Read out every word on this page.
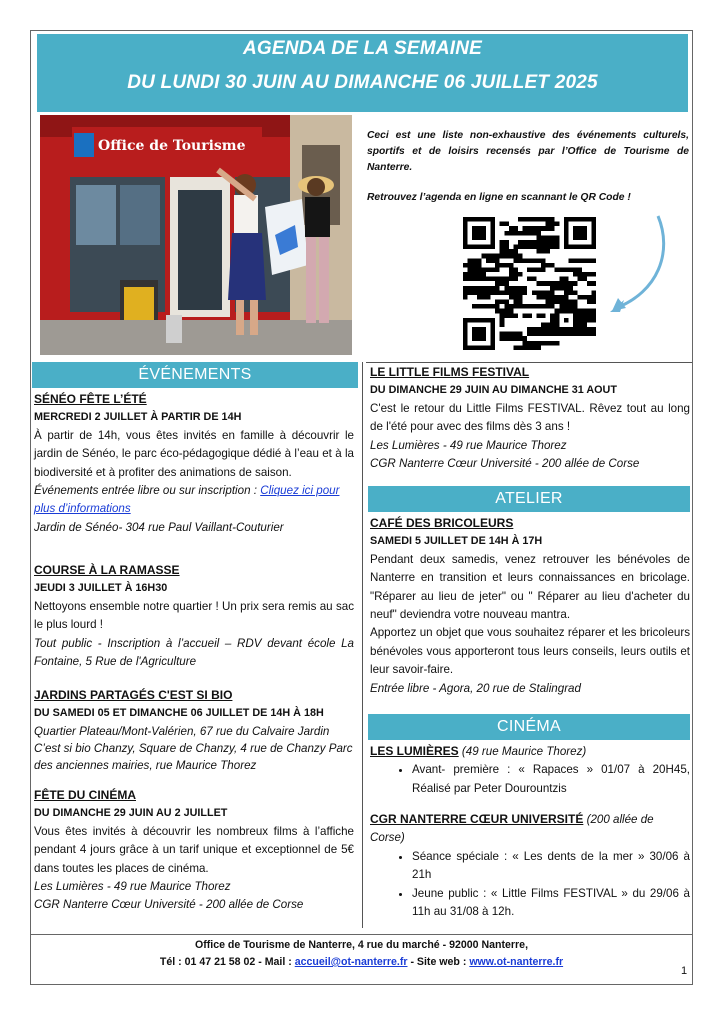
AGENDA DE LA SEMAINE
DU LUNDI 30 JUIN AU DIMANCHE 06 JUILLET 2025
Office de Tourisme

Ceci est une liste non-exhaustive des événements culturels, sportifs et de loisirs recensés par l’Office de Tourisme de Nanterre.

Retrouvez l’agenda en ligne en scannant le QR Code !

ÉVÉNEMENTS

SÉNÉO FÊTE L’ÉTÉ

MERCREDI 2 JUILLET À PARTIR DE 14H

À partir de 14h, vous êtes invités en famille à découvrir le jardin de Sénéo, le parc éco-pédagogique dédié à l’eau et à la biodiversité et à profiter des animations de saison.

Événements entrée libre ou sur inscription : Cliquez ici pour plus d’informations

Jardin de Sénéo- 304 rue Paul Vaillant-Couturier

COURSE À LA RAMASSE

JEUDI 3 JUILLET À 16H30

Nettoyons ensemble notre quartier ! Un prix sera remis au sac le plus lourd !

Tout public - Inscription à l’accueil – RDV devant école La Fontaine, 5 Rue de l'Agriculture

JARDINS PARTAGÉS C'EST SI BIO

DU SAMEDI 05 ET DIMANCHE 06 JUILLET DE 14H À 18H

Quartier Plateau/Mont-Valérien, 67 rue du Calvaire Jardin C’est si bio Chanzy, Square de Chanzy, 4 rue de Chanzy Parc des anciennes mairies, rue Maurice Thorez

FÊTE DU CINÉMA

DU DIMANCHE 29 JUIN AU 2 JUILLET

Vous êtes invités à découvrir les nombreux films à l’affiche pendant 4 jours grâce à un tarif unique et exceptionnel de 5€ dans toutes les places de cinéma.

Les Lumières - 49 rue Maurice Thorez

CGR Nanterre Cœur Université - 200 allée de Corse

LE LITTLE FILMS FESTIVAL

DU DIMANCHE 29 JUIN AU DIMANCHE 31 AOUT

C'est le retour du Little Films FESTIVAL. Rêvez tout au long de l'été pour avec des films dès 3 ans !

Les Lumières - 49 rue Maurice Thorez

CGR Nanterre Cœur Université - 200 allée de Corse

ATELIER

CAFÉ DES BRICOLEURS

SAMEDI 5 JUILLET DE 14H À 17H

Pendant deux samedis, venez retrouver les bénévoles de Nanterre en transition et leurs connaissances en bricolage. "Réparer au lieu de jeter" ou " Réparer au lieu d'acheter du neuf" deviendra votre nouveau mantra.

Apportez un objet que vous souhaitez réparer et les bricoleurs bénévoles vous apporteront tous leurs conseils, leurs outils et leur savoir-faire.

Entrée libre - Agora, 20 rue de Stalingrad

CINÉMA

LES LUMIÈRES (49 rue Maurice Thorez)

• Avant- première : « Rapaces » 01/07 à 20H45, Réalisé par Peter Dourountzis

CGR NANTERRE CŒUR UNIVERSITÉ (200 allée de Corse)

• Séance spéciale : « Les dents de la mer » 30/06 à 21h
• Jeune public : « Little Films FESTIVAL » du 29/06 à 11h au 31/08 à 12h.
Office de Tourisme de Nanterre, 4 rue du marché - 92000 Nanterre,
Tél : 01 47 21 58 02 - Mail : accueil@ot-nanterre.fr - Site web : www.ot-nanterre.fr
1
